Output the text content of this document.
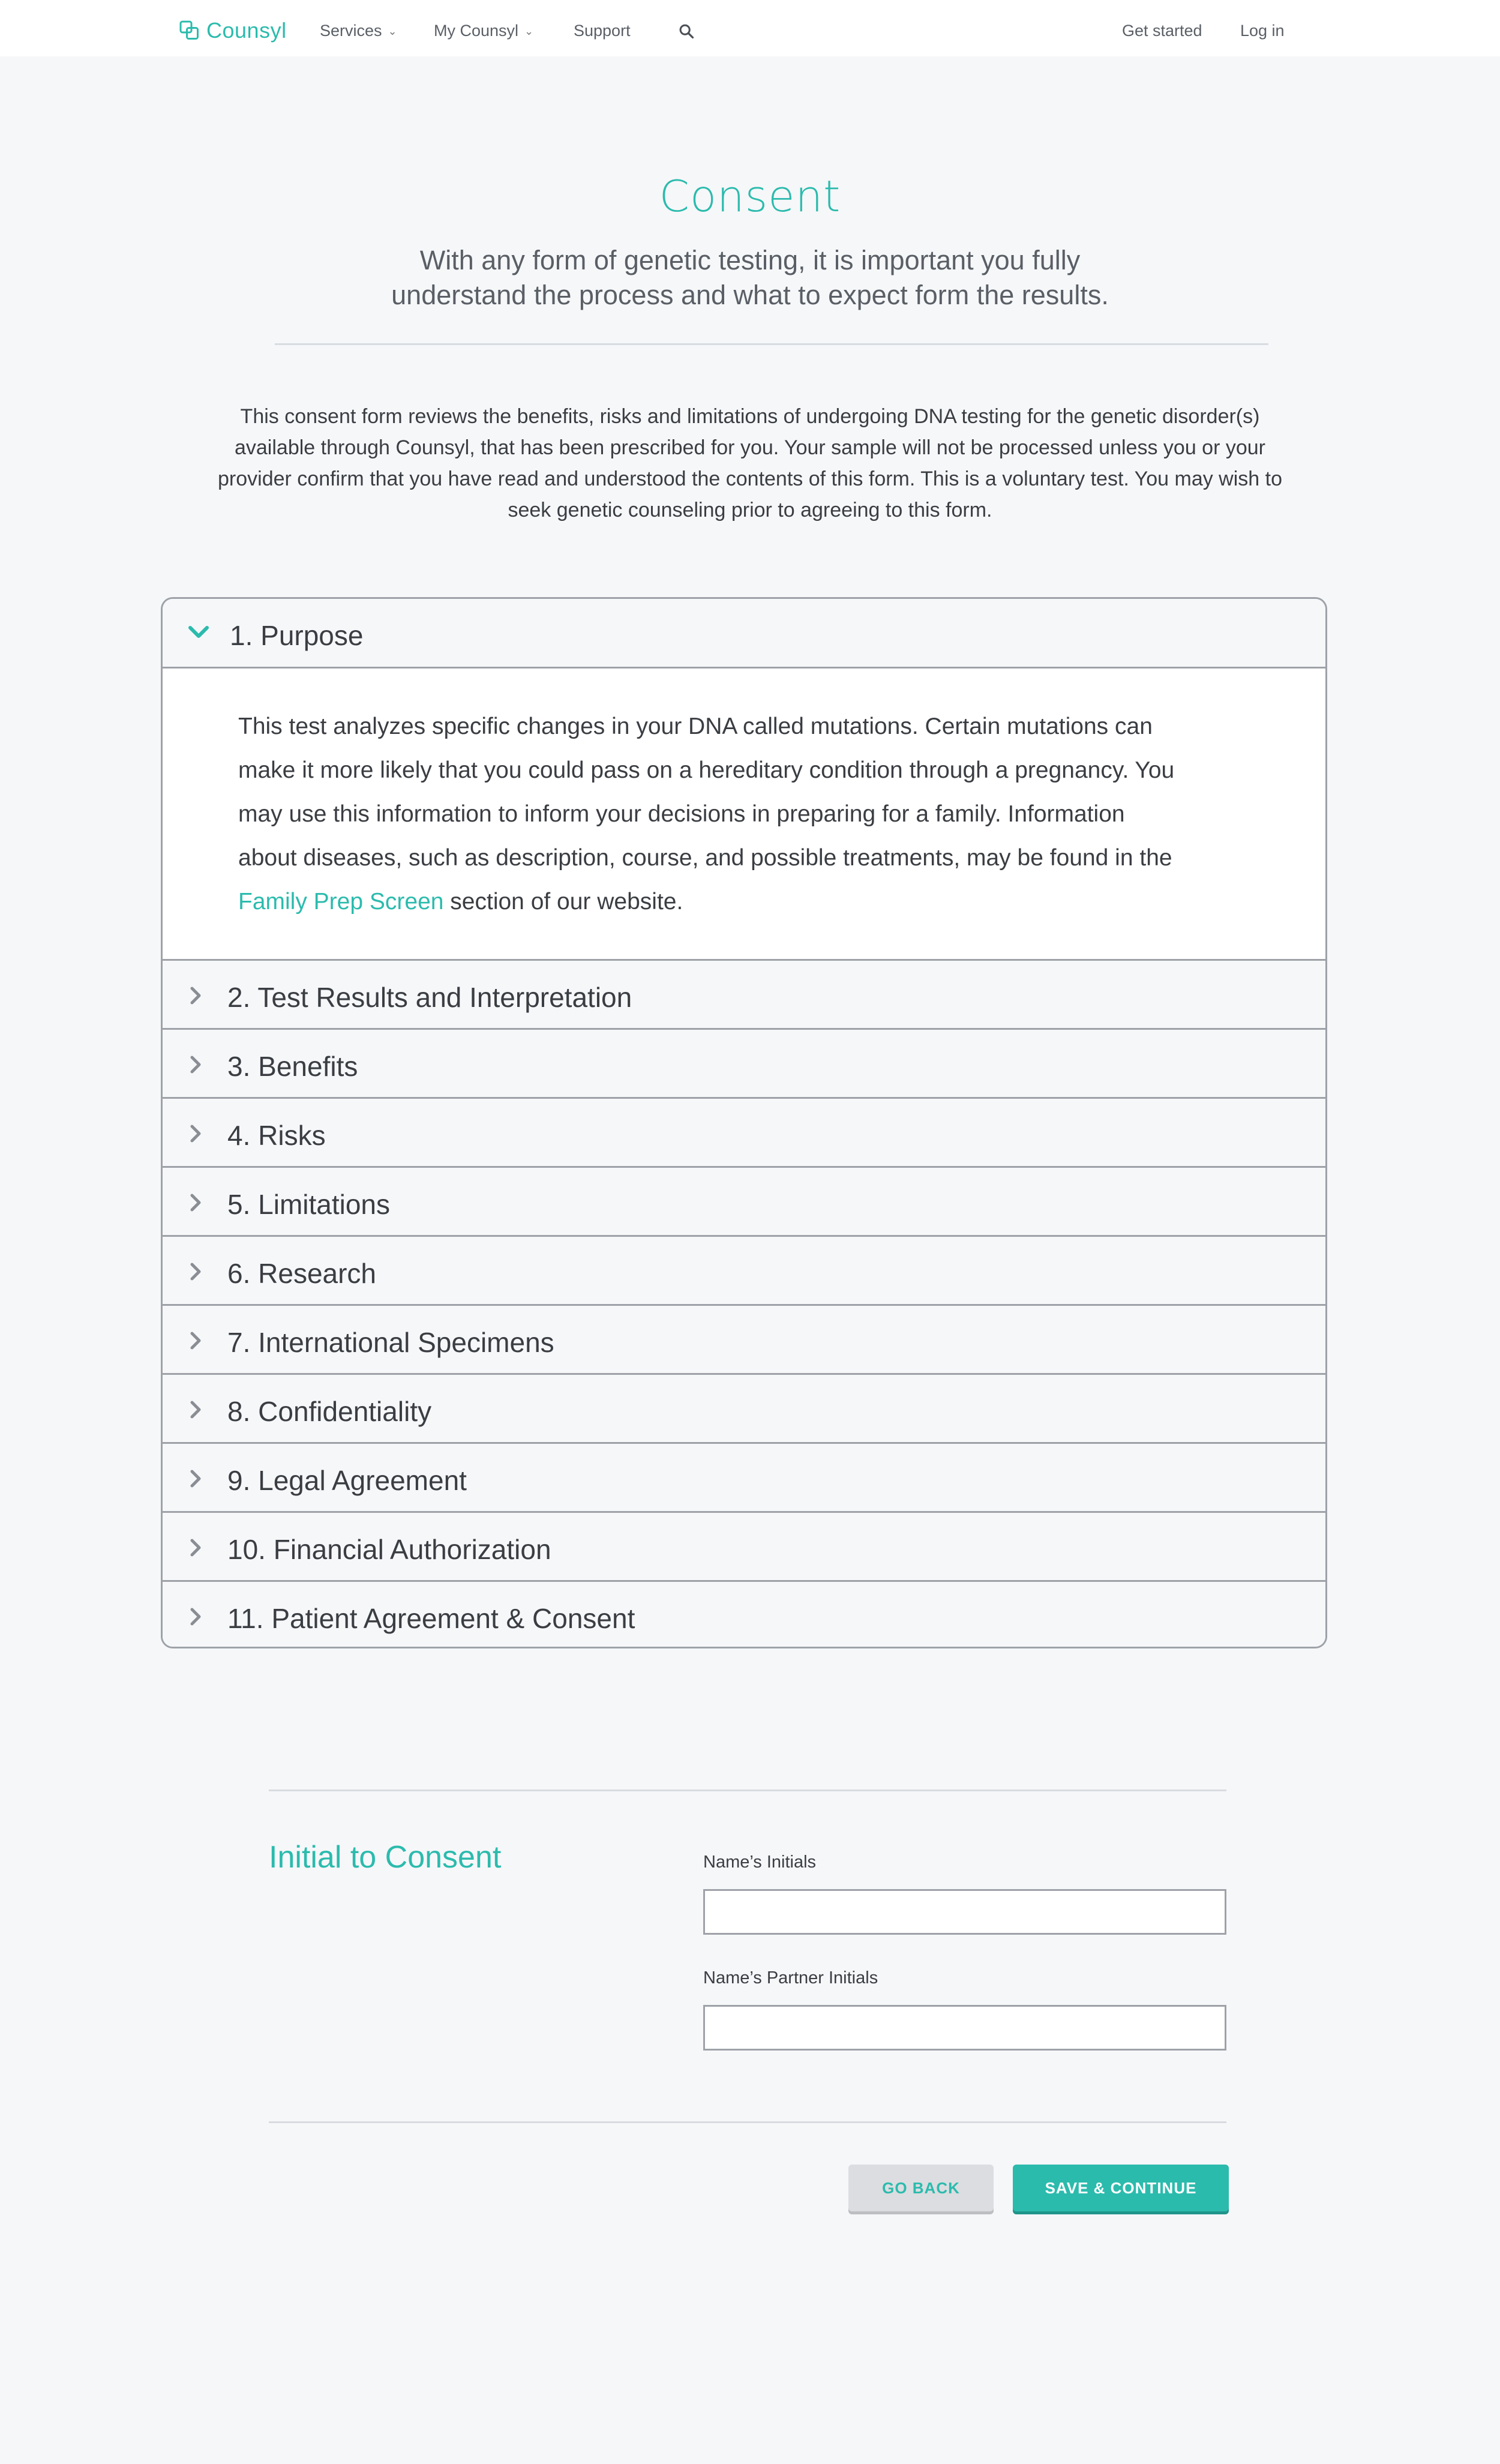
Counsyl Services ⌄ My Counsyl ⌄ Support	Get started Log in
Consent
With any form of genetic testing, it is important you fully
understand the process and what to expect form the results.
This consent form reviews the benefits, risks and limitations of undergoing DNA testing for the genetic disorder(s)
available through Counsyl, that has been prescribed for you. Your sample will not be processed unless you or your
provider confirm that you have read and understood the contents of this form. This is a voluntary test. You may wish to
seek genetic counseling prior to agreeing to this form.
1. Purpose
This test analyzes specific changes in your DNA called mutations. Certain mutations can
make it more likely that you could pass on a hereditary condition through a pregnancy. You
may use this information to inform your decisions in preparing for a family. Information
about diseases, such as description, course, and possible treatments, may be found in the
Family Prep Screen section of our website.
2. Test Results and Interpretation
3. Benefits
4. Risks
5. Limitations
6. Research
7. International Specimens
8. Confidentiality
9. Legal Agreement
10. Financial Authorization
11. Patient Agreement & Consent
Initial to Consent	Name’s Initials
Name’s Partner Initials
GO BACK	SAVE & CONTINUE
